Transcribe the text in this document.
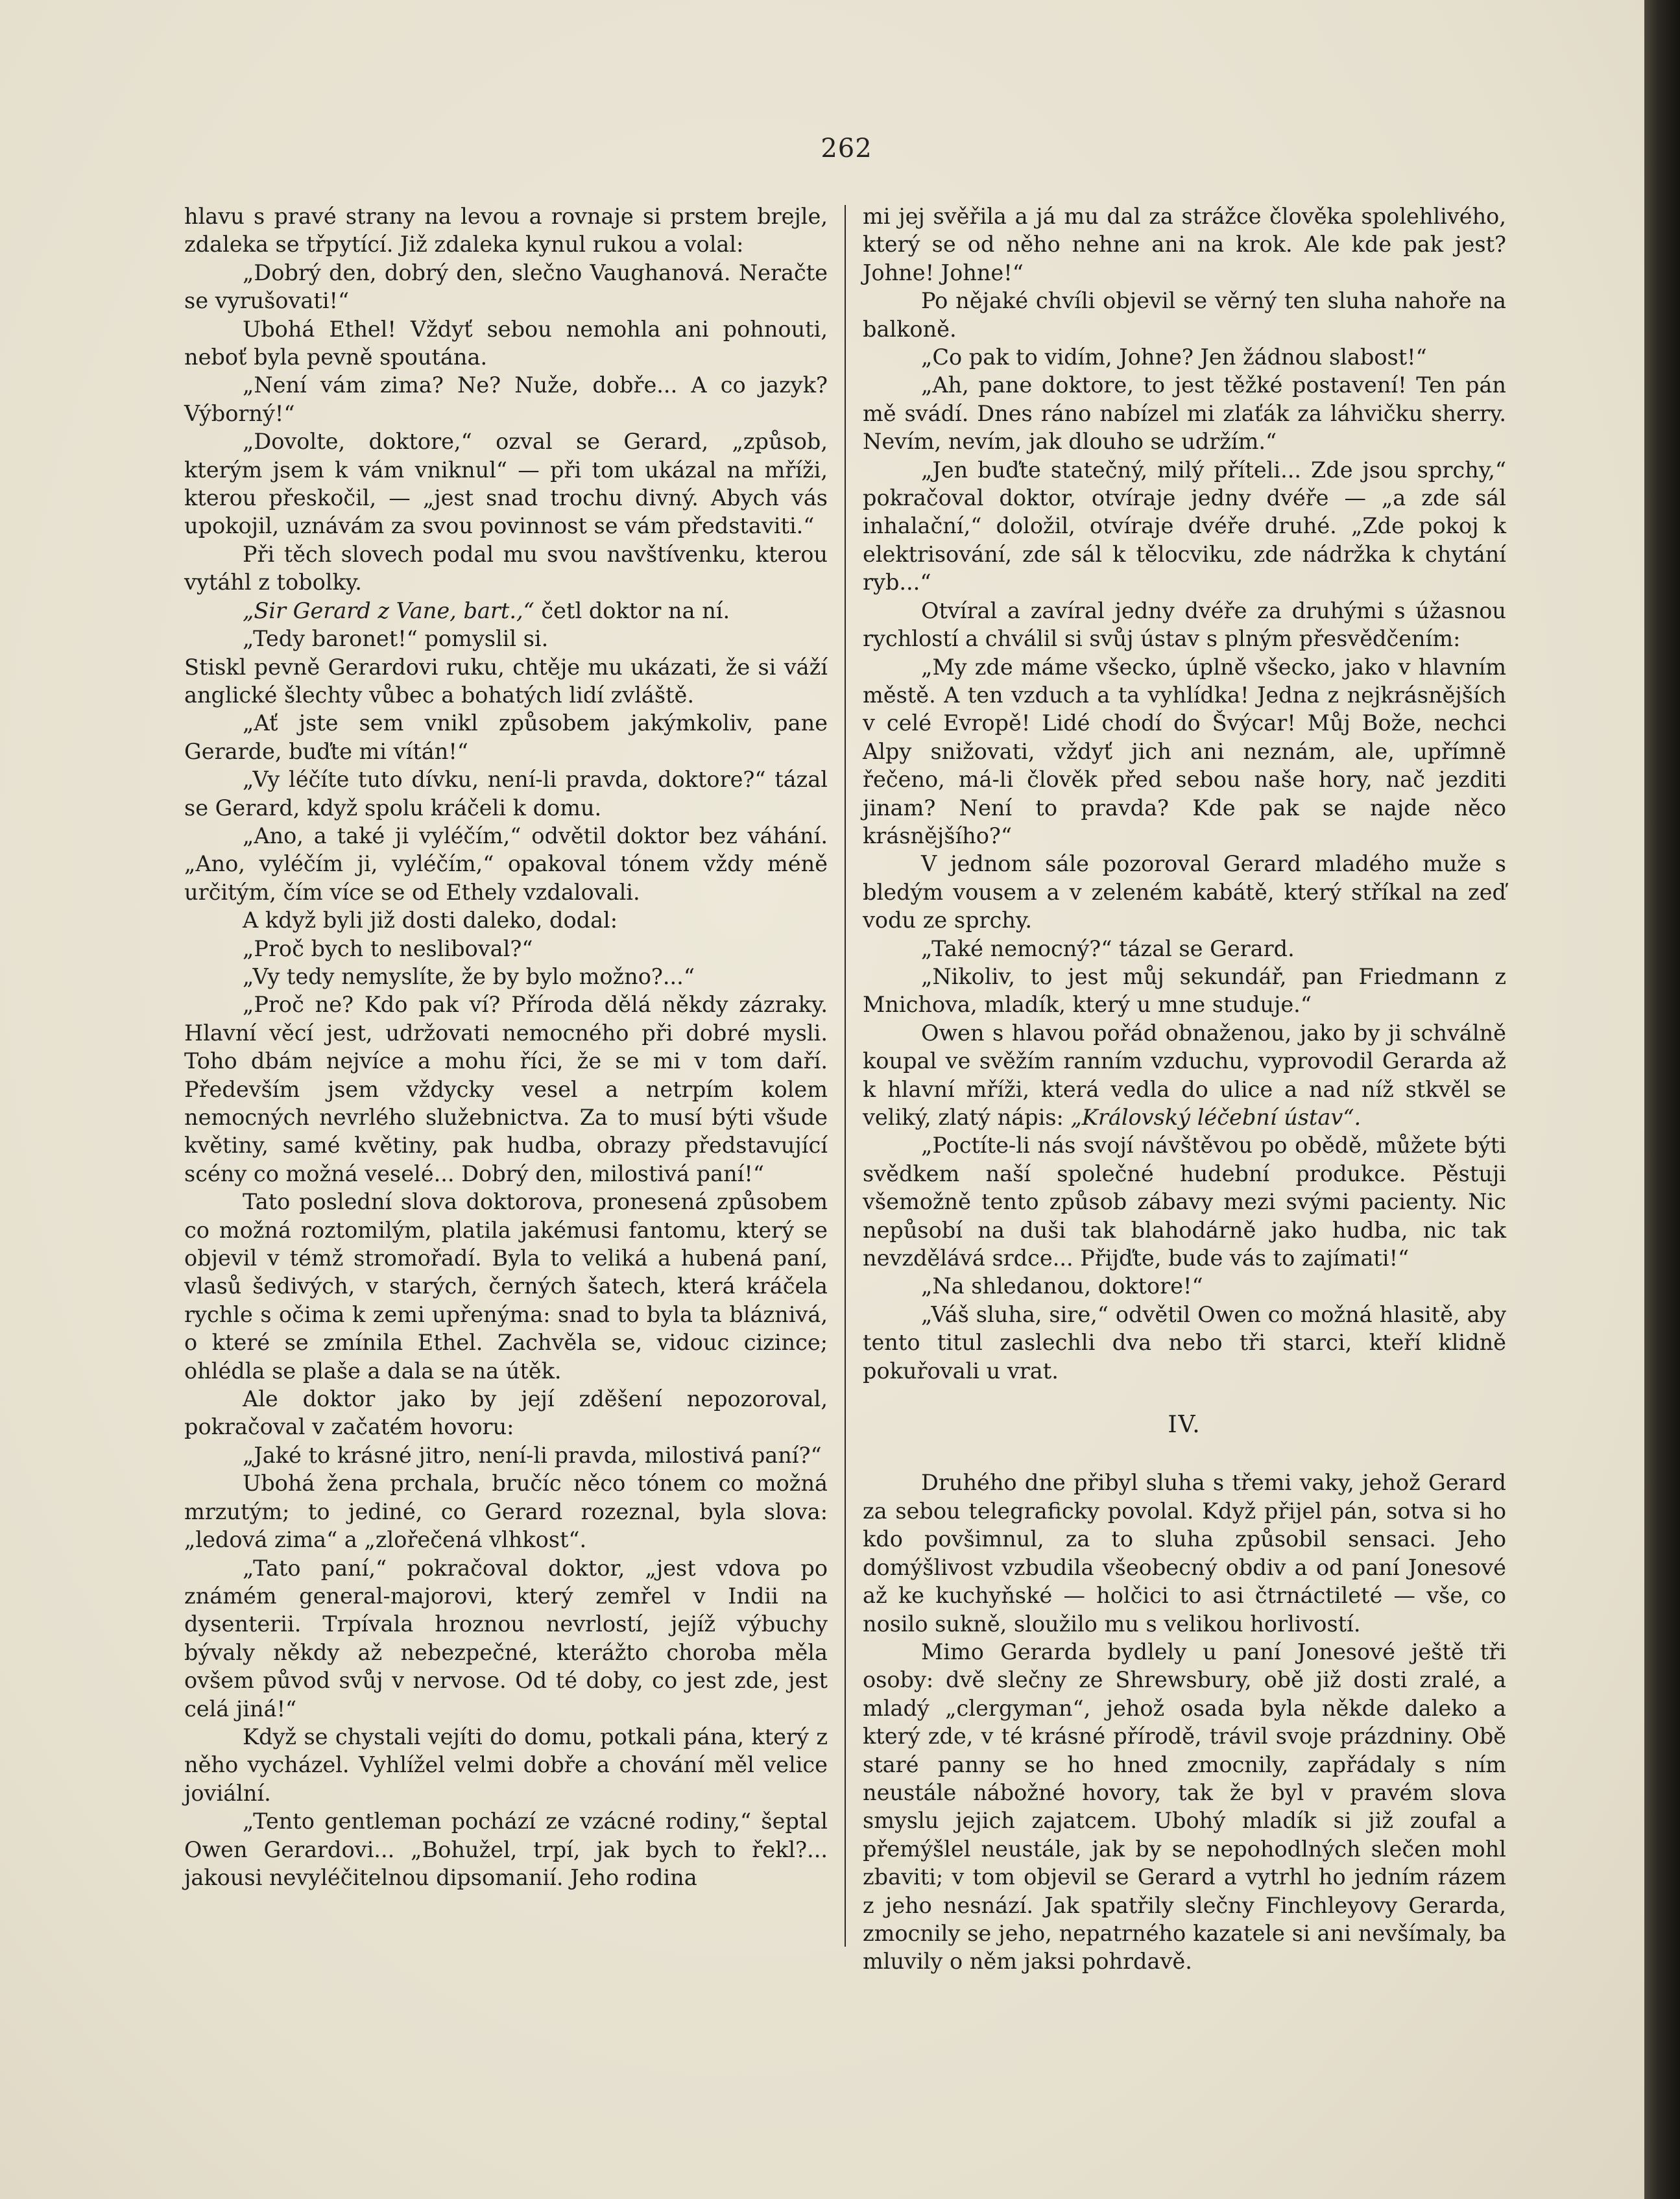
262

hlavu s pravé strany na levou a rovnaje si prstem brejle, zdaleka se třpytící. Již zdaleka kynul rukou a volal:

„Dobrý den, dobrý den, slečno Vaughanová. Neračte se vyrušovati!“

Ubohá Ethel! Vždyť sebou nemohla ani pohnouti, neboť byla pevně spoutána.

„Není vám zima? Ne? Nuže, dobře... A co jazyk? Výborný!“

„Dovolte, doktore,“ ozval se Gerard, „způsob, kterým jsem k vám vniknul“ — při tom ukázal na mříži, kterou přeskočil, — „jest snad trochu divný. Abych vás upokojil, uznávám za svou povinnost se vám představiti.“

Při těch slovech podal mu svou navštívenku, kterou vytáhl z tobolky.

„Sir Gerard z Vane, bart.,“ četl doktor na ní.

„Tedy baronet!“ pomyslil si.

Stiskl pevně Gerardovi ruku, chtěje mu ukázati, že si váží anglické šlechty vůbec a bohatých lidí zvláště.

„Ať jste sem vnikl způsobem jakýmkoliv, pane Gerarde, buďte mi vítán!“

„Vy léčíte tuto dívku, není-li pravda, doktore?“ tázal se Gerard, když spolu kráčeli k domu.

„Ano, a také ji vyléčím,“ odvětil doktor bez váhání. „Ano, vyléčím ji, vyléčím,“ opakoval tónem vždy méně určitým, čím více se od Ethely vzdalovali.

A když byli již dosti daleko, dodal:

„Proč bych to nesliboval?“

„Vy tedy nemyslíte, že by bylo možno?...“

„Proč ne? Kdo pak ví? Příroda dělá někdy zázraky. Hlavní věcí jest, udržovati nemocného při dobré mysli. Toho dbám nejvíce a mohu říci, že se mi v tom daří. Především jsem vždycky vesel a netrpím kolem nemocných nevrlého služebnictva. Za to musí býti všude květiny, samé květiny, pak hudba, obrazy představující scény co možná veselé... Dobrý den, milostivá paní!“

Tato poslední slova doktorova, pronesená způsobem co možná roztomilým, platila jakémusi fantomu, který se objevil v témž stromořadí. Byla to veliká a hubená paní, vlasů šedivých, v starých, černých šatech, která kráčela rychle s očima k zemi upřenýma: snad to byla ta bláznivá, o které se zmínila Ethel. Zachvěla se, vidouc cizince; ohlédla se plaše a dala se na útěk.

Ale doktor jako by její zděšení nepozoroval, pokračoval v začatém hovoru:

„Jaké to krásné jitro, není-li pravda, milostivá paní?“

Ubohá žena prchala, bručíc něco tónem co možná mrzutým; to jediné, co Gerard rozeznal, byla slova: „ledová zima“ a „zlořečená vlhkost“.

„Tato paní,“ pokračoval doktor, „jest vdova po známém general-majorovi, který zemřel v Indii na dysenterii. Trpívala hroznou nevrlostí, jejíž výbuchy bývaly někdy až nebezpečné, kterážto choroba měla ovšem původ svůj v nervose. Od té doby, co jest zde, jest celá jiná!“

Když se chystali vejíti do domu, potkali pána, který z něho vycházel. Vyhlížel velmi dobře a chování měl velice joviální.

„Tento gentleman pochází ze vzácné rodiny,“ šeptal Owen Gerardovi... „Bohužel, trpí, jak bych to řekl?... jakousi nevyléčitelnou dipsomanií. Jeho rodina

mi jej svěřila a já mu dal za strážce člověka spolehlivého, který se od něho nehne ani na krok. Ale kde pak jest? Johne! Johne!“

Po nějaké chvíli objevil se věrný ten sluha nahoře na balkoně.

„Co pak to vidím, Johne? Jen žádnou slabost!“

„Ah, pane doktore, to jest těžké postavení! Ten pán mě svádí. Dnes ráno nabízel mi zlaťák za láhvičku sherry. Nevím, nevím, jak dlouho se udržím.“

„Jen buďte statečný, milý příteli... Zde jsou sprchy,“ pokračoval doktor, otvíraje jedny dvéře — „a zde sál inhalační,“ doložil, otvíraje dvéře druhé. „Zde pokoj k elektrisování, zde sál k tělocviku, zde nádržka k chytání ryb...“

Otvíral a zavíral jedny dvéře za druhými s úžasnou rychlostí a chválil si svůj ústav s plným přesvědčením:

„My zde máme všecko, úplně všecko, jako v hlavním městě. A ten vzduch a ta vyhlídka! Jedna z nejkrásnějších v celé Evropě! Lidé chodí do Švýcar! Můj Bože, nechci Alpy snižovati, vždyť jich ani neznám, ale, upřímně řečeno, má-li člověk před sebou naše hory, nač jezditi jinam? Není to pravda? Kde pak se najde něco krásnějšího?“

V jednom sále pozoroval Gerard mladého muže s bledým vousem a v zeleném kabátě, který stříkal na zeď vodu ze sprchy.

„Také nemocný?“ tázal se Gerard.

„Nikoliv, to jest můj sekundář, pan Friedmann z Mnichova, mladík, který u mne studuje.“

Owen s hlavou pořád obnaženou, jako by ji schválně koupal ve svěžím ranním vzduchu, vyprovodil Gerarda až k hlavní mříži, která vedla do ulice a nad níž stkvěl se veliký, zlatý nápis: „Královský léčební ústav“.

„Poctíte-li nás svojí návštěvou po obědě, můžete býti svědkem naší společné hudební produkce. Pěstuji všemožně tento způsob zábavy mezi svými pacienty. Nic nepůsobí na duši tak blahodárně jako hudba, nic tak nevzdělává srdce... Přijďte, bude vás to zajímati!“

„Na shledanou, doktore!“

„Váš sluha, sire,“ odvětil Owen co možná hlasitě, aby tento titul zaslechli dva nebo tři starci, kteří klidně pokuřovali u vrat.

IV.

Druhého dne přibyl sluha s třemi vaky, jehož Gerard za sebou telegraficky povolal. Když přijel pán, sotva si ho kdo povšimnul, za to sluha způsobil sensaci. Jeho domýšlivost vzbudila všeobecný obdiv a od paní Jonesové až ke kuchyňské — holčici to asi čtrnáctileté — vše, co nosilo sukně, sloužilo mu s velikou horlivostí.

Mimo Gerarda bydlely u paní Jonesové ještě tři osoby: dvě slečny ze Shrewsbury, obě již dosti zralé, a mladý „clergyman“, jehož osada byla někde daleko a který zde, v té krásné přírodě, trávil svoje prázdniny. Obě staré panny se ho hned zmocnily, zapřádaly s ním neustále nábožné hovory, tak že byl v pravém slova smyslu jejich zajatcem. Ubohý mladík si již zoufal a přemýšlel neustále, jak by se nepohodlných slečen mohl zbaviti; v tom objevil se Gerard a vytrhl ho jedním rázem z jeho nesnází. Jak spatřily slečny Finchleyovy Gerarda, zmocnily se jeho, nepatrného kazatele si ani nevšímaly, ba mluvily o něm jaksi pohrdavě.
